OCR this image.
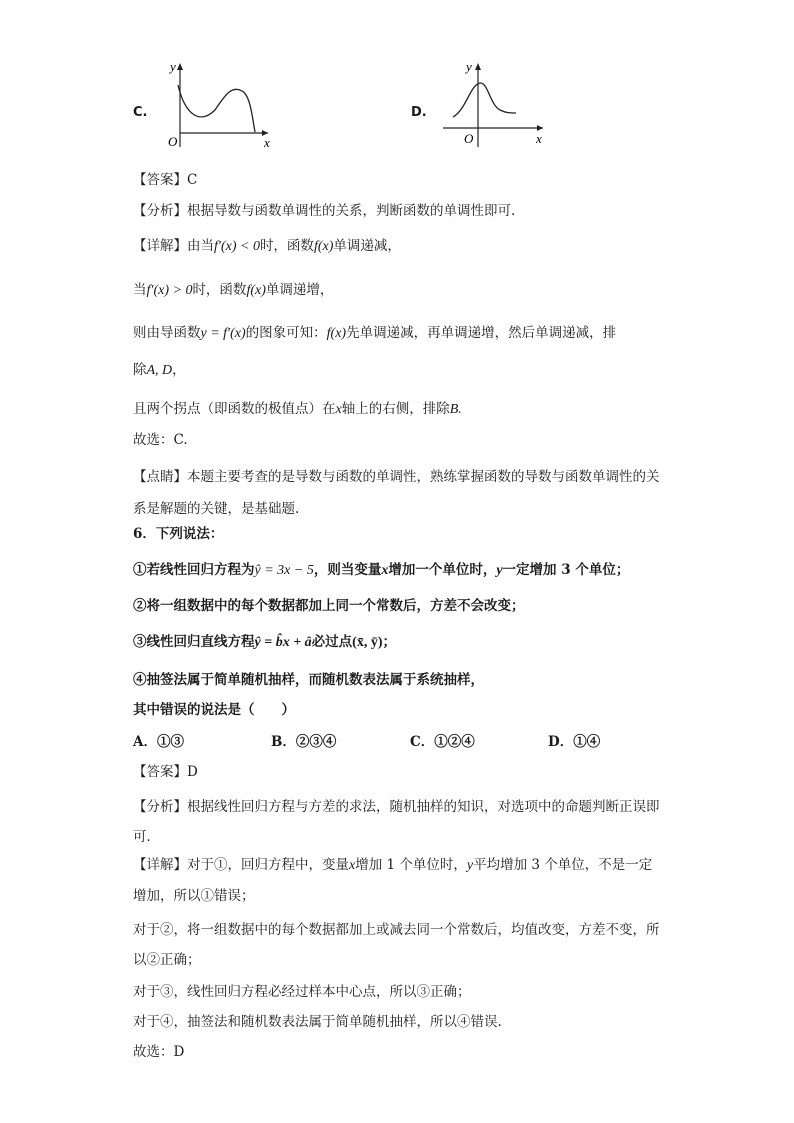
C.
y
x
O
D.
y
x
O
【答案】C
【分析】根据导数与函数单调性的关系，判断函数的单调性即可.
【详解】由当f′(x) < 0时，函数f(x)单调递减，
当f′(x) > 0时，函数f(x)单调递增，
则由导函数y = f′(x)的图象可知：f(x)先单调递减，再单调递增，然后单调递减，排
除A, D，
且两个拐点（即函数的极值点）在x轴上的右侧，排除B.
故选：C.
【点睛】本题主要考查的是导数与函数的单调性，熟练掌握函数的导数与函数单调性的关系是解题的关键，是基础题.
6．下列说法：
①若线性回归方程为ŷ = 3x − 5，则当变量x增加一个单位时，y一定增加 3 个单位；
②将一组数据中的每个数据都加上同一个常数后，方差不会改变；
③线性回归直线方程ŷ = b̂x + â必过点(x̄, ȳ)；
④抽签法属于简单随机抽样，而随机数表法属于系统抽样，
其中错误的说法是（　　）
A．①③	B．②③④	C．①②④	D．①④
【答案】D
【分析】根据线性回归方程与方差的求法，随机抽样的知识，对选项中的命题判断正误即可．
【详解】对于①，回归方程中，变量x增加 1 个单位时，y平均增加 3 个单位，不是一定增加，所以①错误；
对于②，将一组数据中的每个数据都加上或减去同一个常数后，均值改变，方差不变，所以②正确；
对于③，线性回归方程必经过样本中心点，所以③正确；
对于④，抽签法和随机数表法属于简单随机抽样，所以④错误.
故选：D
